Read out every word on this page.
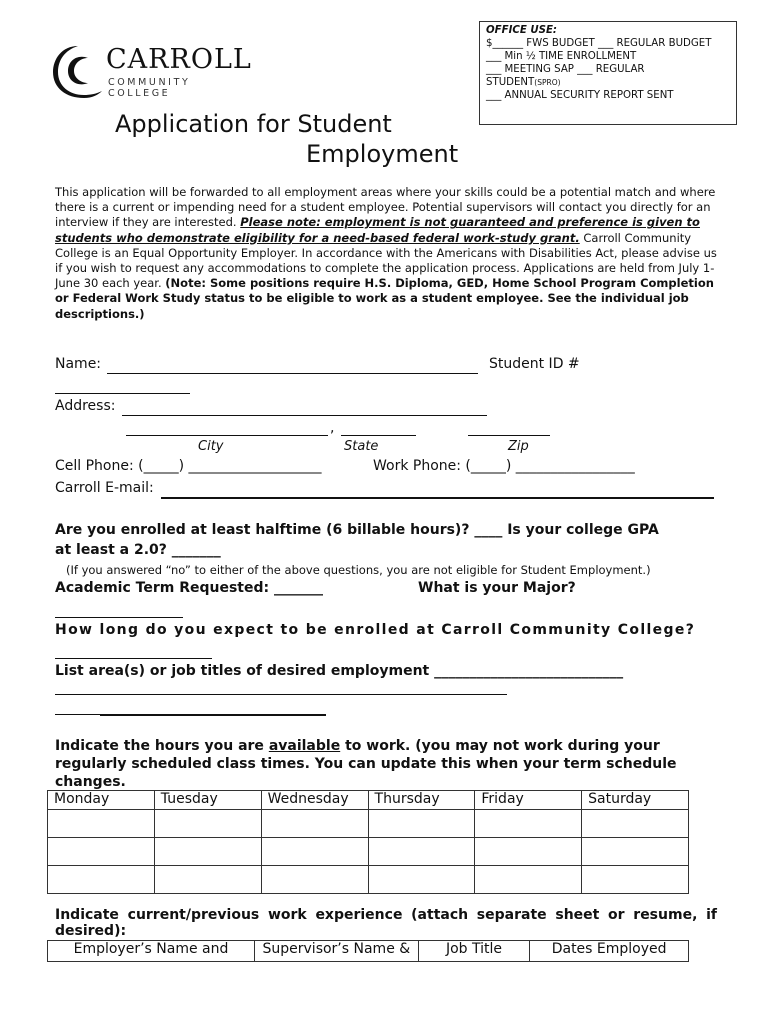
CARROLL
COMMUNITY COLLEGE
OFFICE USE:
$______ FWS BUDGET ___ REGULAR BUDGET
___ Min ½ TIME ENROLLMENT
___ MEETING SAP ___ REGULAR
STUDENT(SPRO)
___ ANNUAL SECURITY REPORT SENT
Application for Student
Employment
This application will be forwarded to all employment areas where your skills could be a potential match and where there is a current or impending need for a student employee. Potential supervisors will contact you directly for an interview if they are interested. Please note: employment is not guaranteed and preference is given to students who demonstrate eligibility for a need-based federal work-study grant. Carroll Community College is an Equal Opportunity Employer. In accordance with the Americans with Disabilities Act, please advise us if you wish to request any accommodations to complete the application process. Applications are held from July 1-June 30 each year. (Note: Some positions require H.S. Diploma, GED, Home School Program Completion or Federal Work Study status to be eligible to work as a student employee. See the individual job descriptions.)
Name:	Student ID #
Address:
,
City	State	Zip
Cell Phone: (_____) ___________________	Work Phone: (_____) _________________
Carroll E-mail:
Are you enrolled at least halftime (6 billable hours)? ____ Is your college GPA
at least a 2.0? _______
(If you answered “no” to either of the above questions, you are not eligible for Student Employment.)
Academic Term Requested: _______	What is your Major?
How long do you expect to be enrolled at Carroll Community College?
List area(s) or job titles of desired employment ___________________________
Indicate the hours you are available to work. (you may not work during your regularly scheduled class times. You can update this when your term schedule changes.
Monday	Tuesday	Wednesday	Thursday	Friday	Saturday

Indicate current/previous work experience (attach separate sheet or resume, if desired):
Employer’s Name and	Supervisor’s Name &	Job Title	Dates Employed
